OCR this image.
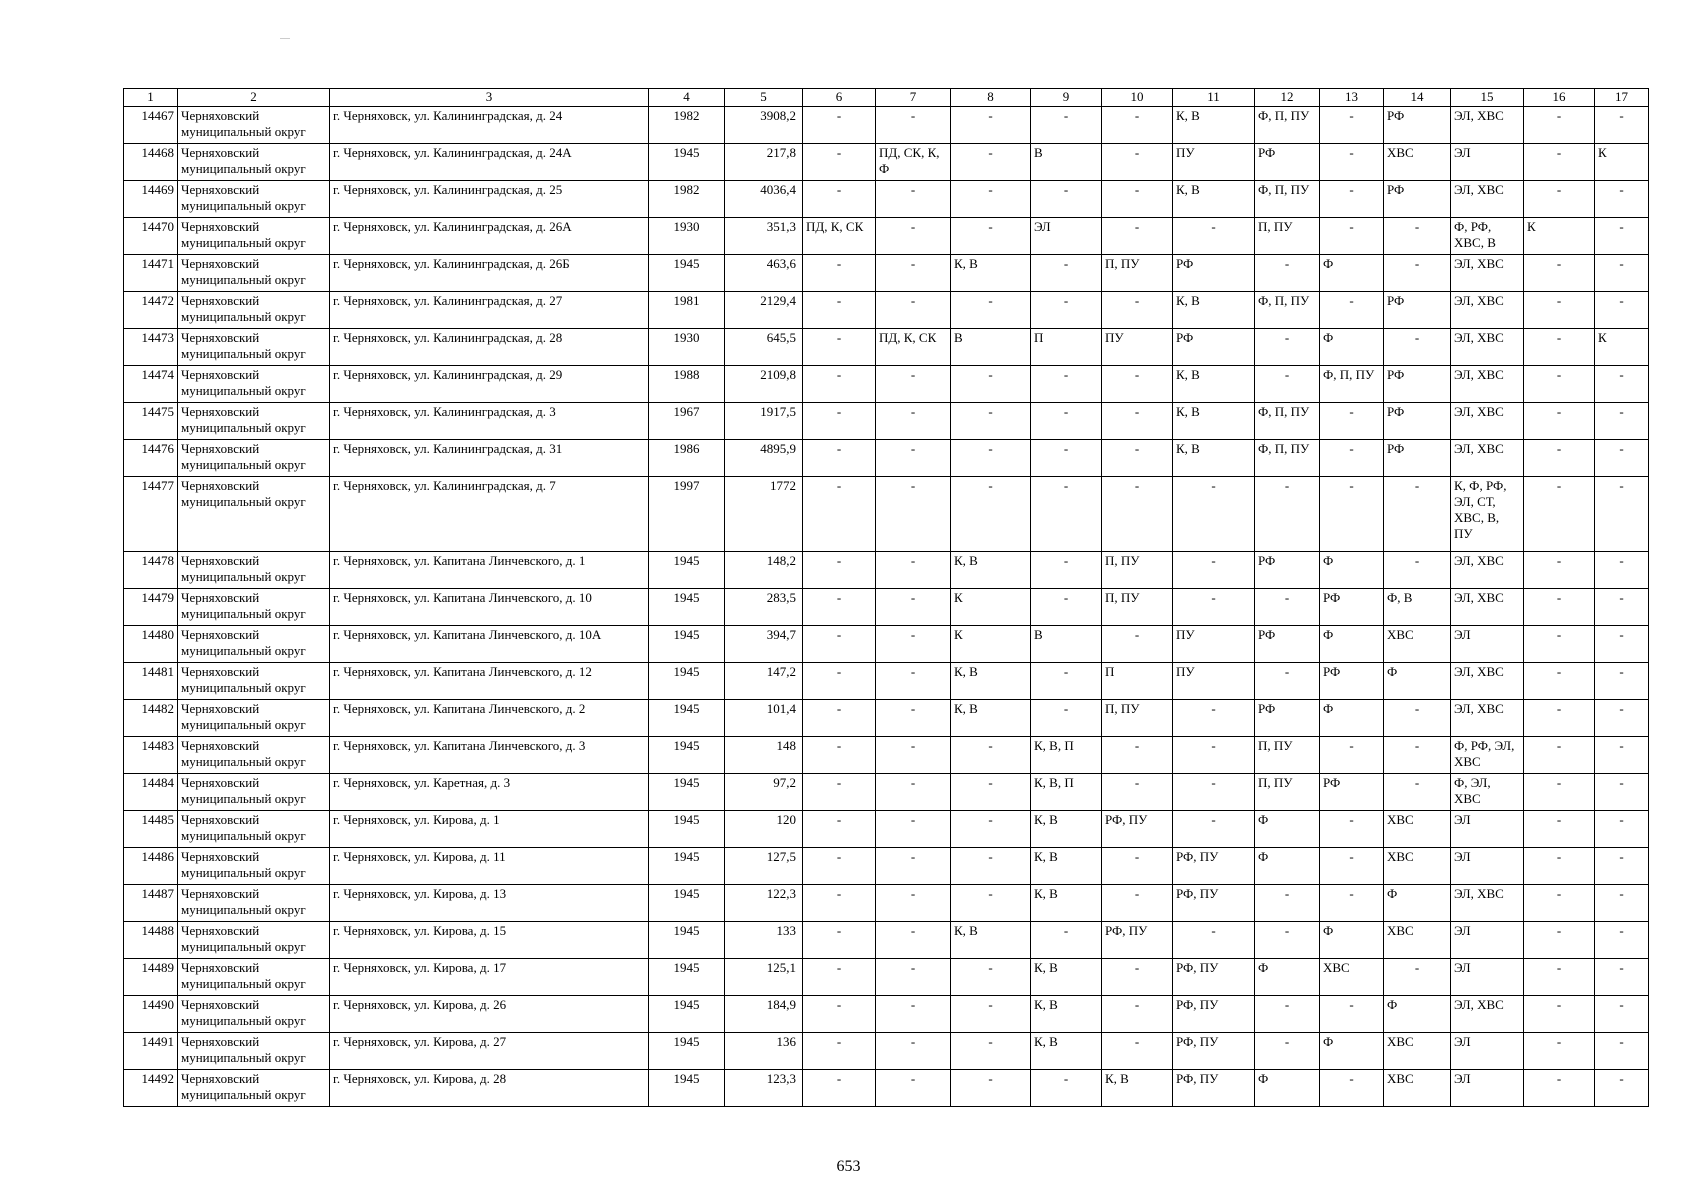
1	2	3	4	5	6	7	8	9	10	11	12	13	14	15	16	17
14467	Черняховский муниципальный округ	г. Черняховск, ул. Калининградская, д. 24	1982	3908,2	-	-	-	-	-	К, В	Ф, П, ПУ	-	РФ	ЭЛ, ХВС	-	-
14468	Черняховский муниципальный округ	г. Черняховск, ул. Калининградская, д. 24А	1945	217,8	-	ПД, СК, К, Ф	-	В	-	ПУ	РФ	-	ХВС	ЭЛ	-	К
14469	Черняховский муниципальный округ	г. Черняховск, ул. Калининградская, д. 25	1982	4036,4	-	-	-	-	-	К, В	Ф, П, ПУ	-	РФ	ЭЛ, ХВС	-	-
14470	Черняховский муниципальный округ	г. Черняховск, ул. Калининградская, д. 26А	1930	351,3	ПД, К, СК	-	-	ЭЛ	-	-	П, ПУ	-	-	Ф, РФ, ХВС, В	К	-
14471	Черняховский муниципальный округ	г. Черняховск, ул. Калининградская, д. 26Б	1945	463,6	-	-	К, В	-	П, ПУ	РФ	-	Ф	-	ЭЛ, ХВС	-	-
14472	Черняховский муниципальный округ	г. Черняховск, ул. Калининградская, д. 27	1981	2129,4	-	-	-	-	-	К, В	Ф, П, ПУ	-	РФ	ЭЛ, ХВС	-	-
14473	Черняховский муниципальный округ	г. Черняховск, ул. Калининградская, д. 28	1930	645,5	-	ПД, К, СК	В	П	ПУ	РФ	-	Ф	-	ЭЛ, ХВС	-	К
14474	Черняховский муниципальный округ	г. Черняховск, ул. Калининградская, д. 29	1988	2109,8	-	-	-	-	-	К, В	-	Ф, П, ПУ	РФ	ЭЛ, ХВС	-	-
14475	Черняховский муниципальный округ	г. Черняховск, ул. Калининградская, д. 3	1967	1917,5	-	-	-	-	-	К, В	Ф, П, ПУ	-	РФ	ЭЛ, ХВС	-	-
14476	Черняховский муниципальный округ	г. Черняховск, ул. Калининградская, д. 31	1986	4895,9	-	-	-	-	-	К, В	Ф, П, ПУ	-	РФ	ЭЛ, ХВС	-	-
14477	Черняховский муниципальный округ	г. Черняховск, ул. Калининградская, д. 7	1997	1772	-	-	-	-	-	-	-	-	-	К, Ф, РФ, ЭЛ, СТ, ХВС, В, ПУ	-	-
14478	Черняховский муниципальный округ	г. Черняховск, ул. Капитана Линчевского, д. 1	1945	148,2	-	-	К, В	-	П, ПУ	-	РФ	Ф	-	ЭЛ, ХВС	-	-
14479	Черняховский муниципальный округ	г. Черняховск, ул. Капитана Линчевского, д. 10	1945	283,5	-	-	К	-	П, ПУ	-	-	РФ	Ф, В	ЭЛ, ХВС	-	-
14480	Черняховский муниципальный округ	г. Черняховск, ул. Капитана Линчевского, д. 10А	1945	394,7	-	-	К	В	-	ПУ	РФ	Ф	ХВС	ЭЛ	-	-
14481	Черняховский муниципальный округ	г. Черняховск, ул. Капитана Линчевского, д. 12	1945	147,2	-	-	К, В	-	П	ПУ	-	РФ	Ф	ЭЛ, ХВС	-	-
14482	Черняховский муниципальный округ	г. Черняховск, ул. Капитана Линчевского, д. 2	1945	101,4	-	-	К, В	-	П, ПУ	-	РФ	Ф	-	ЭЛ, ХВС	-	-
14483	Черняховский муниципальный округ	г. Черняховск, ул. Капитана Линчевского, д. 3	1945	148	-	-	-	К, В, П	-	-	П, ПУ	-	-	Ф, РФ, ЭЛ, ХВС	-	-
14484	Черняховский муниципальный округ	г. Черняховск, ул. Каретная, д. 3	1945	97,2	-	-	-	К, В, П	-	-	П, ПУ	РФ	-	Ф, ЭЛ, ХВС	-	-
14485	Черняховский муниципальный округ	г. Черняховск, ул. Кирова, д. 1	1945	120	-	-	-	К, В	РФ, ПУ	-	Ф	-	ХВС	ЭЛ	-	-
14486	Черняховский муниципальный округ	г. Черняховск, ул. Кирова, д. 11	1945	127,5	-	-	-	К, В	-	РФ, ПУ	Ф	-	ХВС	ЭЛ	-	-
14487	Черняховский муниципальный округ	г. Черняховск, ул. Кирова, д. 13	1945	122,3	-	-	-	К, В	-	РФ, ПУ	-	-	Ф	ЭЛ, ХВС	-	-
14488	Черняховский муниципальный округ	г. Черняховск, ул. Кирова, д. 15	1945	133	-	-	К, В	-	РФ, ПУ	-	-	Ф	ХВС	ЭЛ	-	-
14489	Черняховский муниципальный округ	г. Черняховск, ул. Кирова, д. 17	1945	125,1	-	-	-	К, В	-	РФ, ПУ	Ф	ХВС	-	ЭЛ	-	-
14490	Черняховский муниципальный округ	г. Черняховск, ул. Кирова, д. 26	1945	184,9	-	-	-	К, В	-	РФ, ПУ	-	-	Ф	ЭЛ, ХВС	-	-
14491	Черняховский муниципальный округ	г. Черняховск, ул. Кирова, д. 27	1945	136	-	-	-	К, В	-	РФ, ПУ	-	Ф	ХВС	ЭЛ	-	-
14492	Черняховский муниципальный округ	г. Черняховск, ул. Кирова, д. 28	1945	123,3	-	-	-	-	К, В	РФ, ПУ	Ф	-	ХВС	ЭЛ	-	-
653
